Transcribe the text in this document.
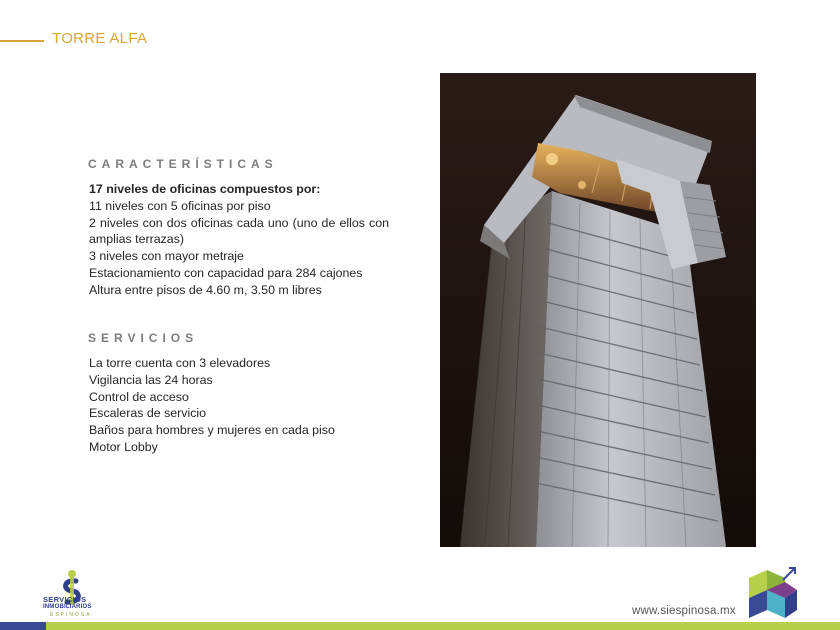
TORRE ALFA
CARACTERÍSTICAS
17 niveles de oficinas compuestos por:
11 niveles con 5 oficinas por piso
2 niveles con dos oficinas cada uno (uno de ellos con amplias terrazas)
3 niveles con mayor metraje
Estacionamiento con capacidad para 284 cajones
Altura entre pisos de 4.60 m, 3.50 m libres
SERVICIOS
La torre cuenta con 3 elevadores
Vigilancia las 24 horas
Control de acceso
Escaleras de servicio
Baños para hombres y mujeres en cada piso
Motor Lobby
SERVICIOS
INMOBILIARIOS
ESPINOSA	www.siespinosa.mx
